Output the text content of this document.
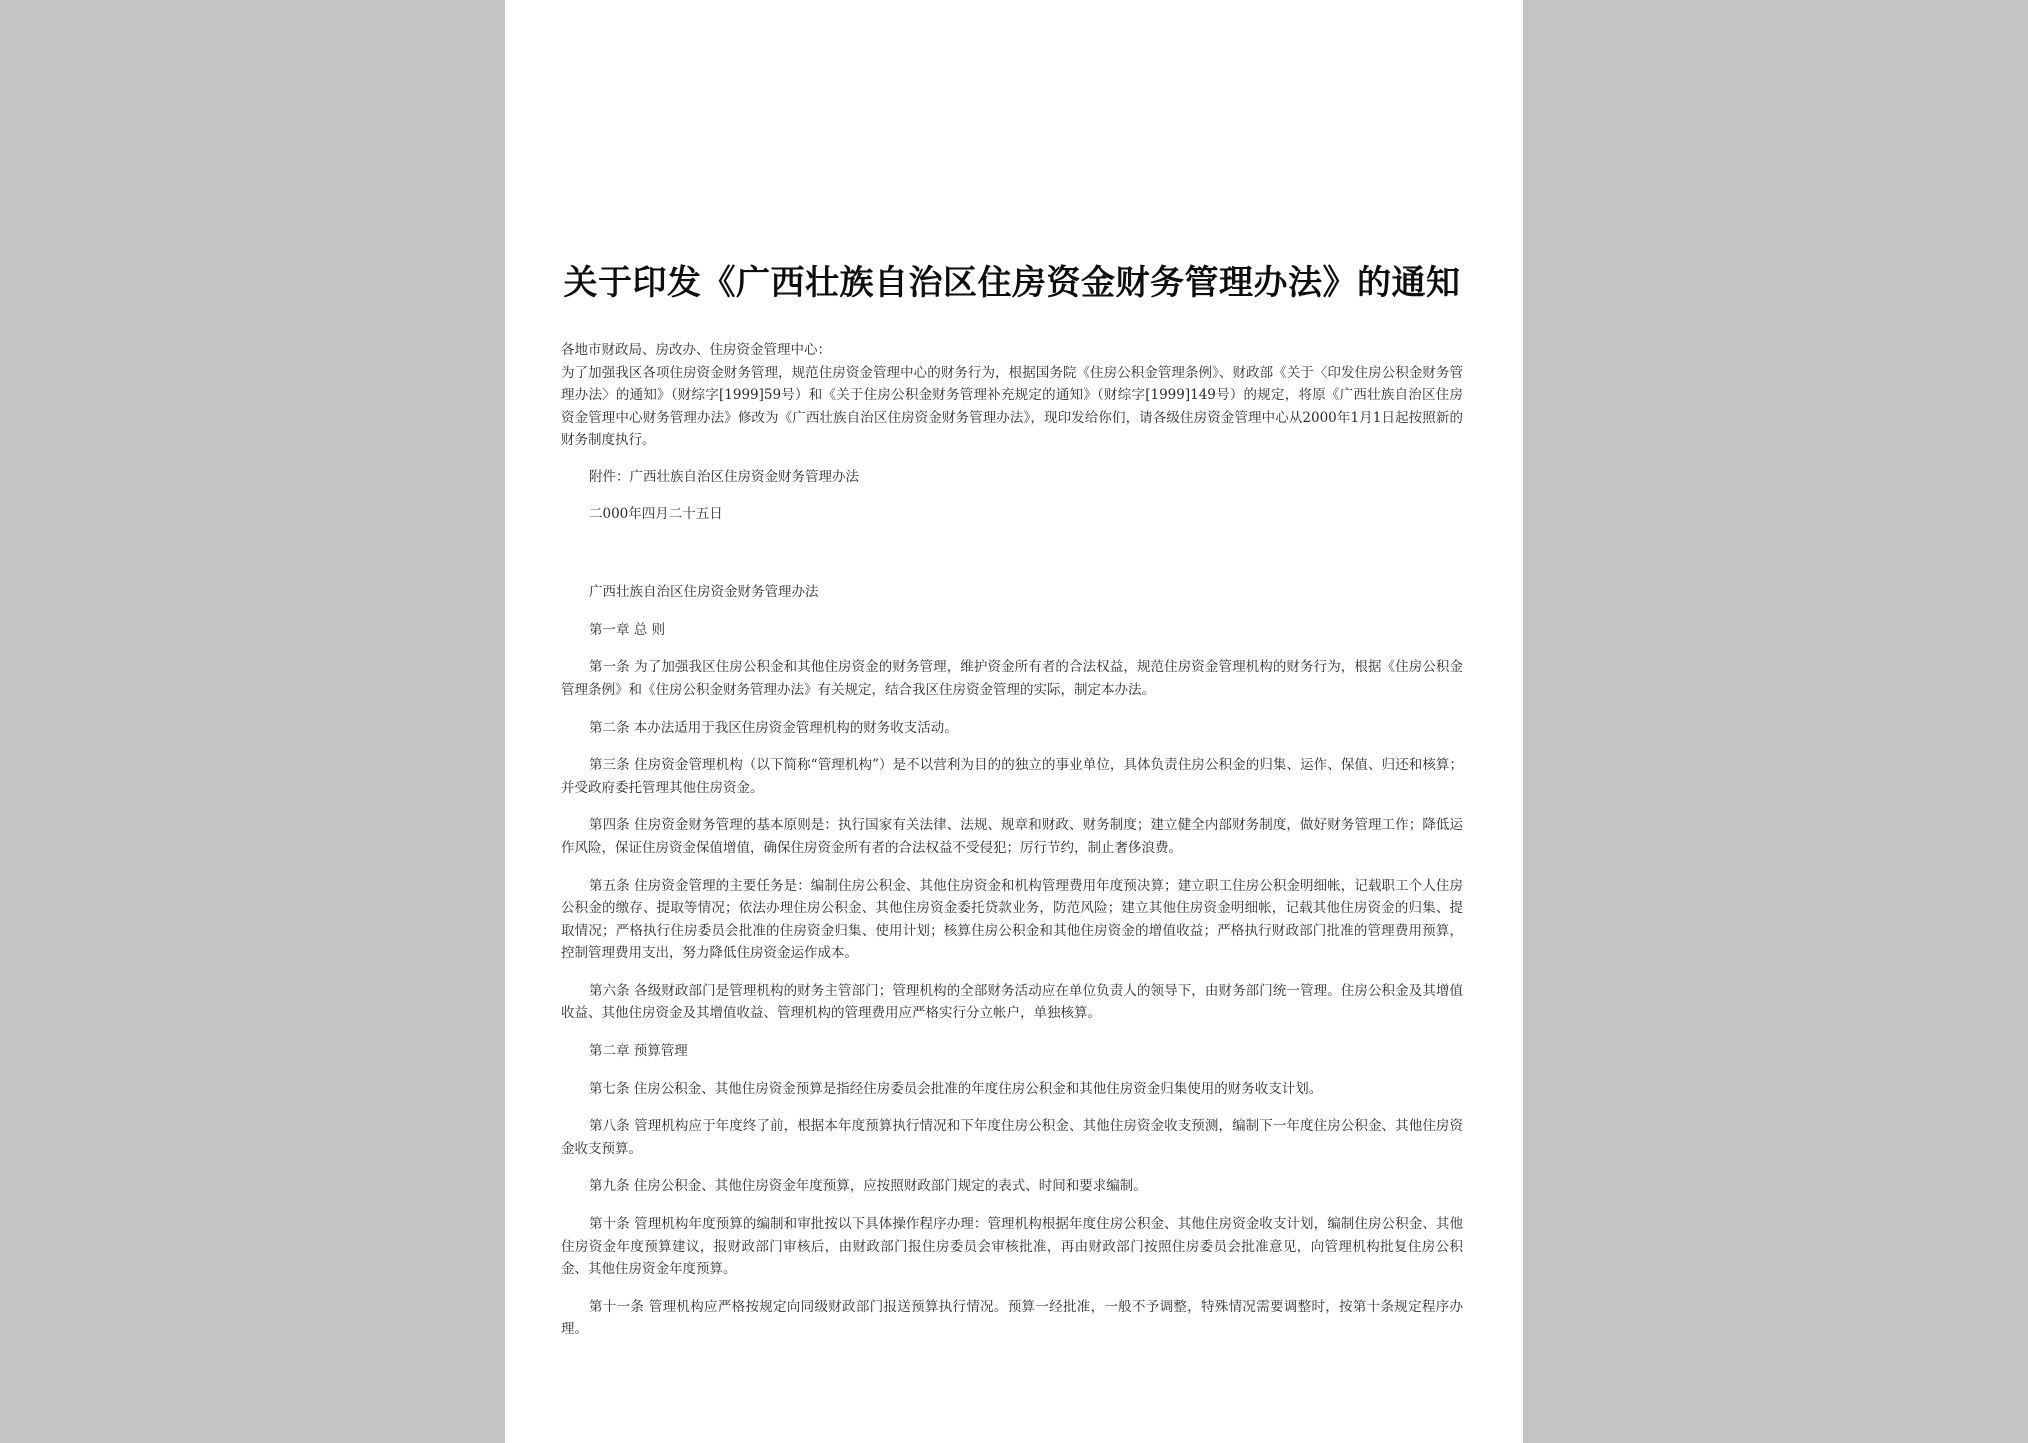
关于印发《广西壮族自治区住房资金财务管理办法》的通知

各地市财政局、房改办、住房资金管理中心：

为了加强我区各项住房资金财务管理，规范住房资金管理中心的财务行为，根据国务院《住房公积金管理条例》、财政部《关于〈印发住房公积金财务管理办法〉的通知》（财综字[1999]59号）和《关于住房公积金财务管理补充规定的通知》（财综字[1999]149号）的规定，将原《广西壮族自治区住房资金管理中心财务管理办法》修改为《广西壮族自治区住房资金财务管理办法》，现印发给你们，请各级住房资金管理中心从2000年1月1日起按照新的财务制度执行。

附件：广西壮族自治区住房资金财务管理办法

二000年四月二十五日

广西壮族自治区住房资金财务管理办法

第一章 总 则

第一条 为了加强我区住房公积金和其他住房资金的财务管理，维护资金所有者的合法权益，规范住房资金管理机构的财务行为，根据《住房公积金管理条例》和《住房公积金财务管理办法》有关规定，结合我区住房资金管理的实际，制定本办法。

第二条 本办法适用于我区住房资金管理机构的财务收支活动。

第三条 住房资金管理机构（以下简称“管理机构”）是不以营利为目的的独立的事业单位，具体负责住房公积金的归集、运作、保值、归还和核算；并受政府委托管理其他住房资金。

第四条 住房资金财务管理的基本原则是：执行国家有关法律、法规、规章和财政、财务制度；建立健全内部财务制度，做好财务管理工作；降低运作风险，保证住房资金保值增值，确保住房资金所有者的合法权益不受侵犯；厉行节约，制止奢侈浪费。

第五条 住房资金管理的主要任务是：编制住房公积金、其他住房资金和机构管理费用年度预决算；建立职工住房公积金明细帐，记载职工个人住房公积金的缴存、提取等情况；依法办理住房公积金、其他住房资金委托贷款业务，防范风险；建立其他住房资金明细帐，记载其他住房资金的归集、提取情况；严格执行住房委员会批准的住房资金归集、使用计划；核算住房公积金和其他住房资金的增值收益；严格执行财政部门批准的管理费用预算，控制管理费用支出，努力降低住房资金运作成本。

第六条 各级财政部门是管理机构的财务主管部门；管理机构的全部财务活动应在单位负责人的领导下，由财务部门统一管理。住房公积金及其增值收益、其他住房资金及其增值收益、管理机构的管理费用应严格实行分立帐户，单独核算。

第二章 预算管理

第七条 住房公积金、其他住房资金预算是指经住房委员会批准的年度住房公积金和其他住房资金归集使用的财务收支计划。

第八条 管理机构应于年度终了前，根据本年度预算执行情况和下年度住房公积金、其他住房资金收支预测，编制下一年度住房公积金、其他住房资金收支预算。

第九条 住房公积金、其他住房资金年度预算，应按照财政部门规定的表式、时间和要求编制。

第十条 管理机构年度预算的编制和审批按以下具体操作程序办理：管理机构根据年度住房公积金、其他住房资金收支计划，编制住房公积金、其他住房资金年度预算建议，报财政部门审核后，由财政部门报住房委员会审核批准，再由财政部门按照住房委员会批准意见，向管理机构批复住房公积金、其他住房资金年度预算。

第十一条 管理机构应严格按规定向同级财政部门报送预算执行情况。预算一经批准，一般不予调整，特殊情况需要调整时，按第十条规定程序办理。
